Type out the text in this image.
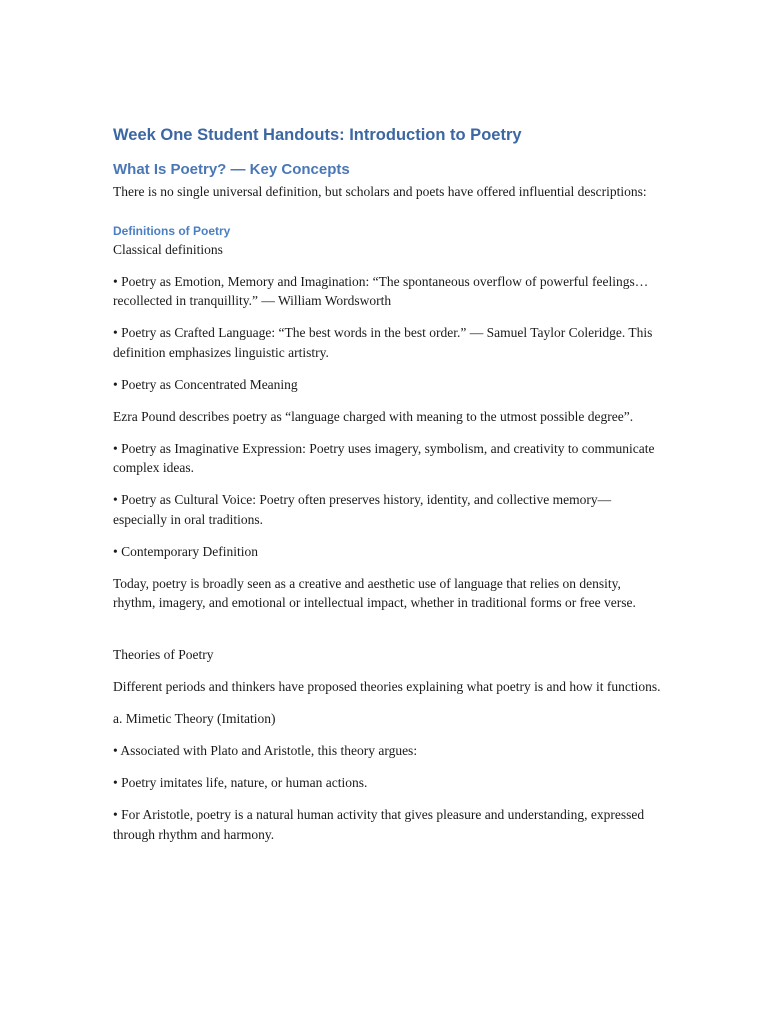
Week One Student Handouts: Introduction to Poetry
What Is Poetry? — Key Concepts

There is no single universal definition, but scholars and poets have offered influential descriptions:

Definitions of Poetry

Classical definitions

• Poetry as Emotion, Memory and Imagination: “The spontaneous overflow of powerful feelings… recollected in tranquillity.” — William Wordsworth

• Poetry as Crafted Language: “The best words in the best order.” — Samuel Taylor Coleridge. This definition emphasizes linguistic artistry.

• Poetry as Concentrated Meaning

Ezra Pound describes poetry as “language charged with meaning to the utmost possible degree”.

• Poetry as Imaginative Expression: Poetry uses imagery, symbolism, and creativity to communicate complex ideas.

• Poetry as Cultural Voice: Poetry often preserves history, identity, and collective memory—especially in oral traditions.

• Contemporary Definition

Today, poetry is broadly seen as a creative and aesthetic use of language that relies on density, rhythm, imagery, and emotional or intellectual impact, whether in traditional forms or free verse.

Theories of Poetry

Different periods and thinkers have proposed theories explaining what poetry is and how it functions.

a. Mimetic Theory (Imitation)

• Associated with Plato and Aristotle, this theory argues:

• Poetry imitates life, nature, or human actions.

• For Aristotle, poetry is a natural human activity that gives pleasure and understanding, expressed through rhythm and harmony.
